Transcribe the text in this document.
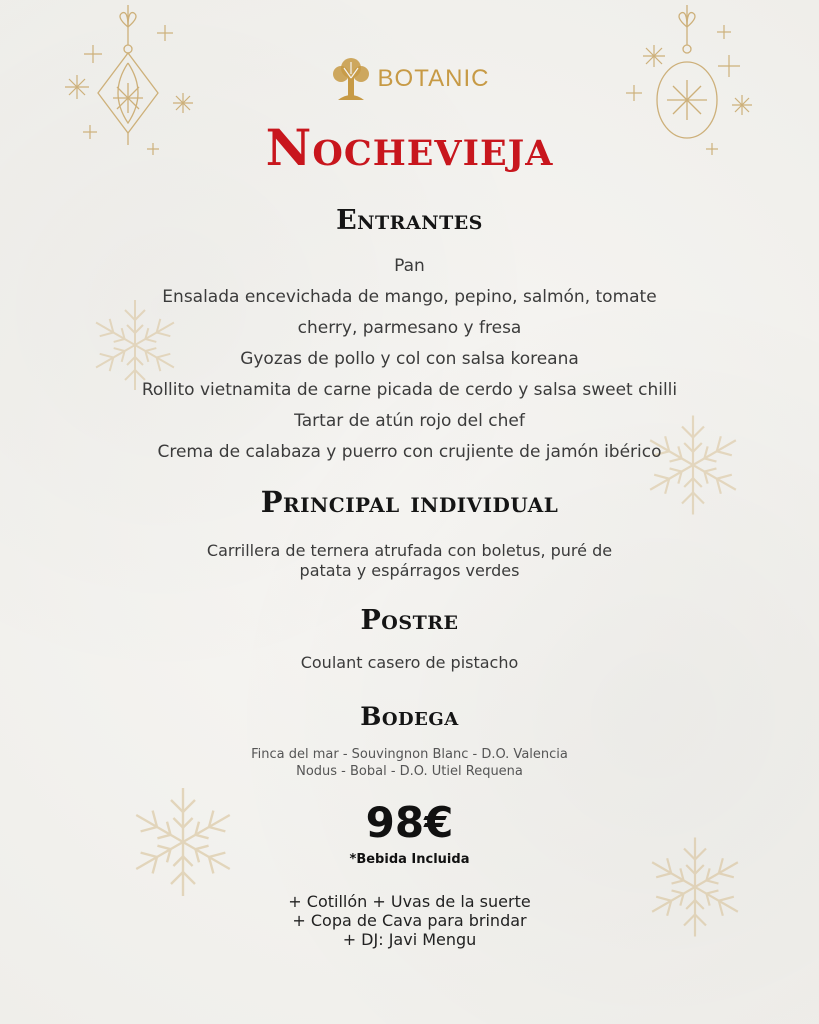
BOTANIC
Nochevieja
Entrantes
Pan
Ensalada encevichada de mango, pepino, salmón, tomate
cherry, parmesano y fresa
Gyozas de pollo y col con salsa koreana
Rollito vietnamita de carne picada de cerdo y salsa sweet chilli
Tartar de atún rojo del chef
Crema de calabaza y puerro con crujiente de jamón ibérico
Principal individual
Carrillera de ternera atrufada con boletus, puré de
patata y espárragos verdes
Postre
Coulant casero de pistacho
Bodega
Finca del mar - Souvingnon Blanc - D.O. Valencia
Nodus - Bobal - D.O. Utiel Requena
98€
*Bebida Incluida
+ Cotillón + Uvas de la suerte
+ Copa de Cava para brindar
+ DJ: Javi Mengu
